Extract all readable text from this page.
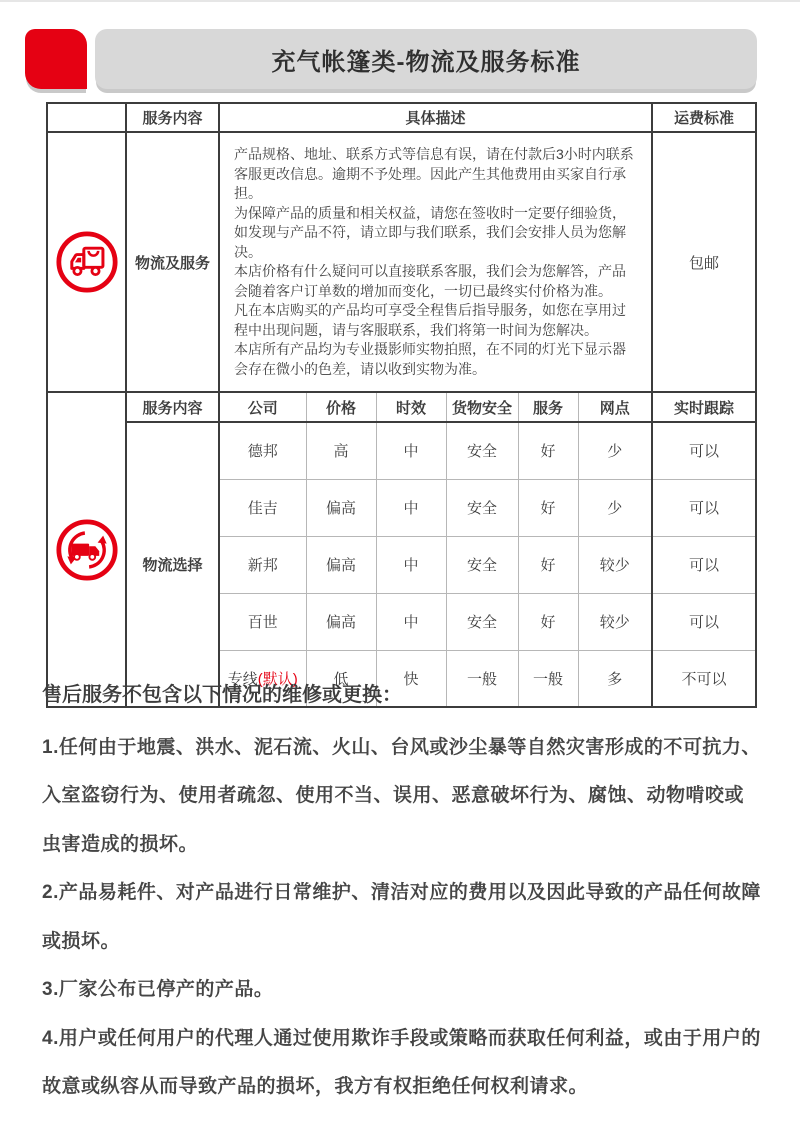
充气帐篷类-物流及服务标准
	服务内容	具体描述						运费标准

	物流及服务	产品规格、地址、联系方式等信息有误，请在付款后3小时内联系客服更改信息。逾期不予处理。因此产生其他费用由买家自行承担。

为保障产品的质量和相关权益，请您在签收时一定要仔细验货，如发现与产品不符，请立即与我们联系，我们会安排人员为您解决。

本店价格有什么疑问可以直接联系客服，我们会为您解答，产品会随着客户订单数的增加而变化，一切已最终实付价格为准。

凡在本店购买的产品均可享受全程售后指导服务，如您在享用过程中出现问题，请与客服联系，我们将第一时间为您解决。

本店所有产品均为专业摄影师实物拍照，在不同的灯光下显示器会存在微小的色差，请以收到实物为准。						包邮

	服务内容	公司	价格	时效	货物安全	服务	网点	实时跟踪
	物流选择	德邦	高	中	安全	好	少	可以
		佳吉	偏高	中	安全	好	少	可以
		新邦	偏高	中	安全	好	较少	可以
		百世	偏高	中	安全	好	较少	可以
		专线(默认)	低	快	一般	一般	多	不可以
售后服务不包含以下情况的维修或更换：

1.任何由于地震、洪水、泥石流、火山、台风或沙尘暴等自然灾害形成的不可抗力、入室盗窃行为、使用者疏忽、使用不当、误用、恶意破坏行为、腐蚀、动物啃咬或虫害造成的损坏。

2.产品易耗件、对产品进行日常维护、清洁对应的费用以及因此导致的产品任何故障或损坏。

3.厂家公布已停产的产品。

4.用户或任何用户的代理人通过使用欺诈手段或策略而获取任何利益，或由于用户的故意或纵容从而导致产品的损坏，我方有权拒绝任何权利请求。
